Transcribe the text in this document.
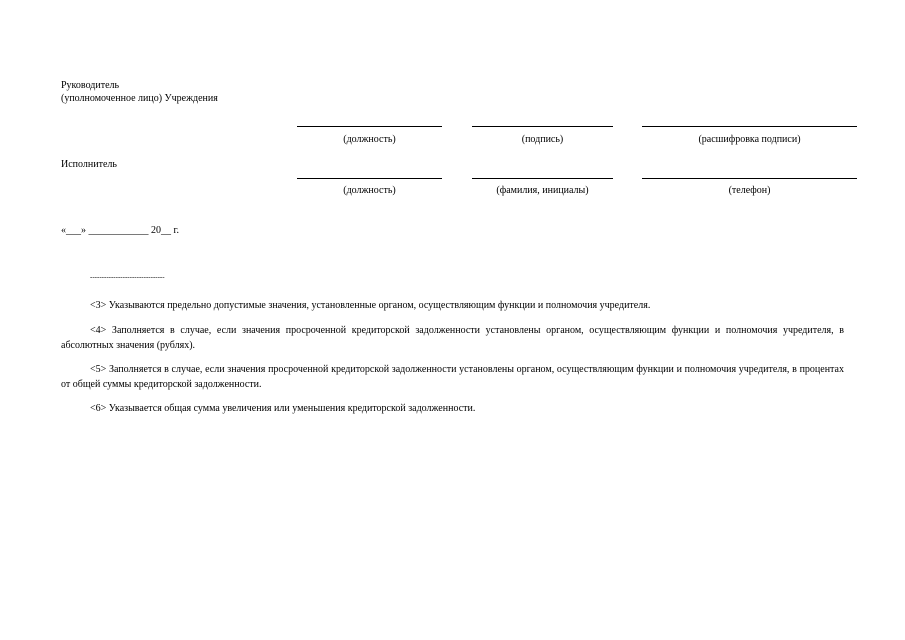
Руководитель
(уполномоченное лицо) Учреждения
(должность)	(подпись)	(расшифровка подписи)
Исполнитель
(должность)	(фамилия, инициалы)	(телефон)
«___» ____________ 20__ г.
--------------------------------
<3> Указываются предельно допустимые значения, установленные органом, осуществляющим функции и полномочия учредителя.
<4> Заполняется в случае, если значения просроченной кредиторской задолженности установлены органом, осуществляющим функции и полномочия учредителя, в абсолютных значения (рублях).
<5> Заполняется в случае, если значения просроченной кредиторской задолженности установлены органом, осуществляющим функции и полномочия учредителя, в процентах от общей суммы кредиторской задолженности.
<6> Указывается общая сумма увеличения или уменьшения кредиторской задолженности.
